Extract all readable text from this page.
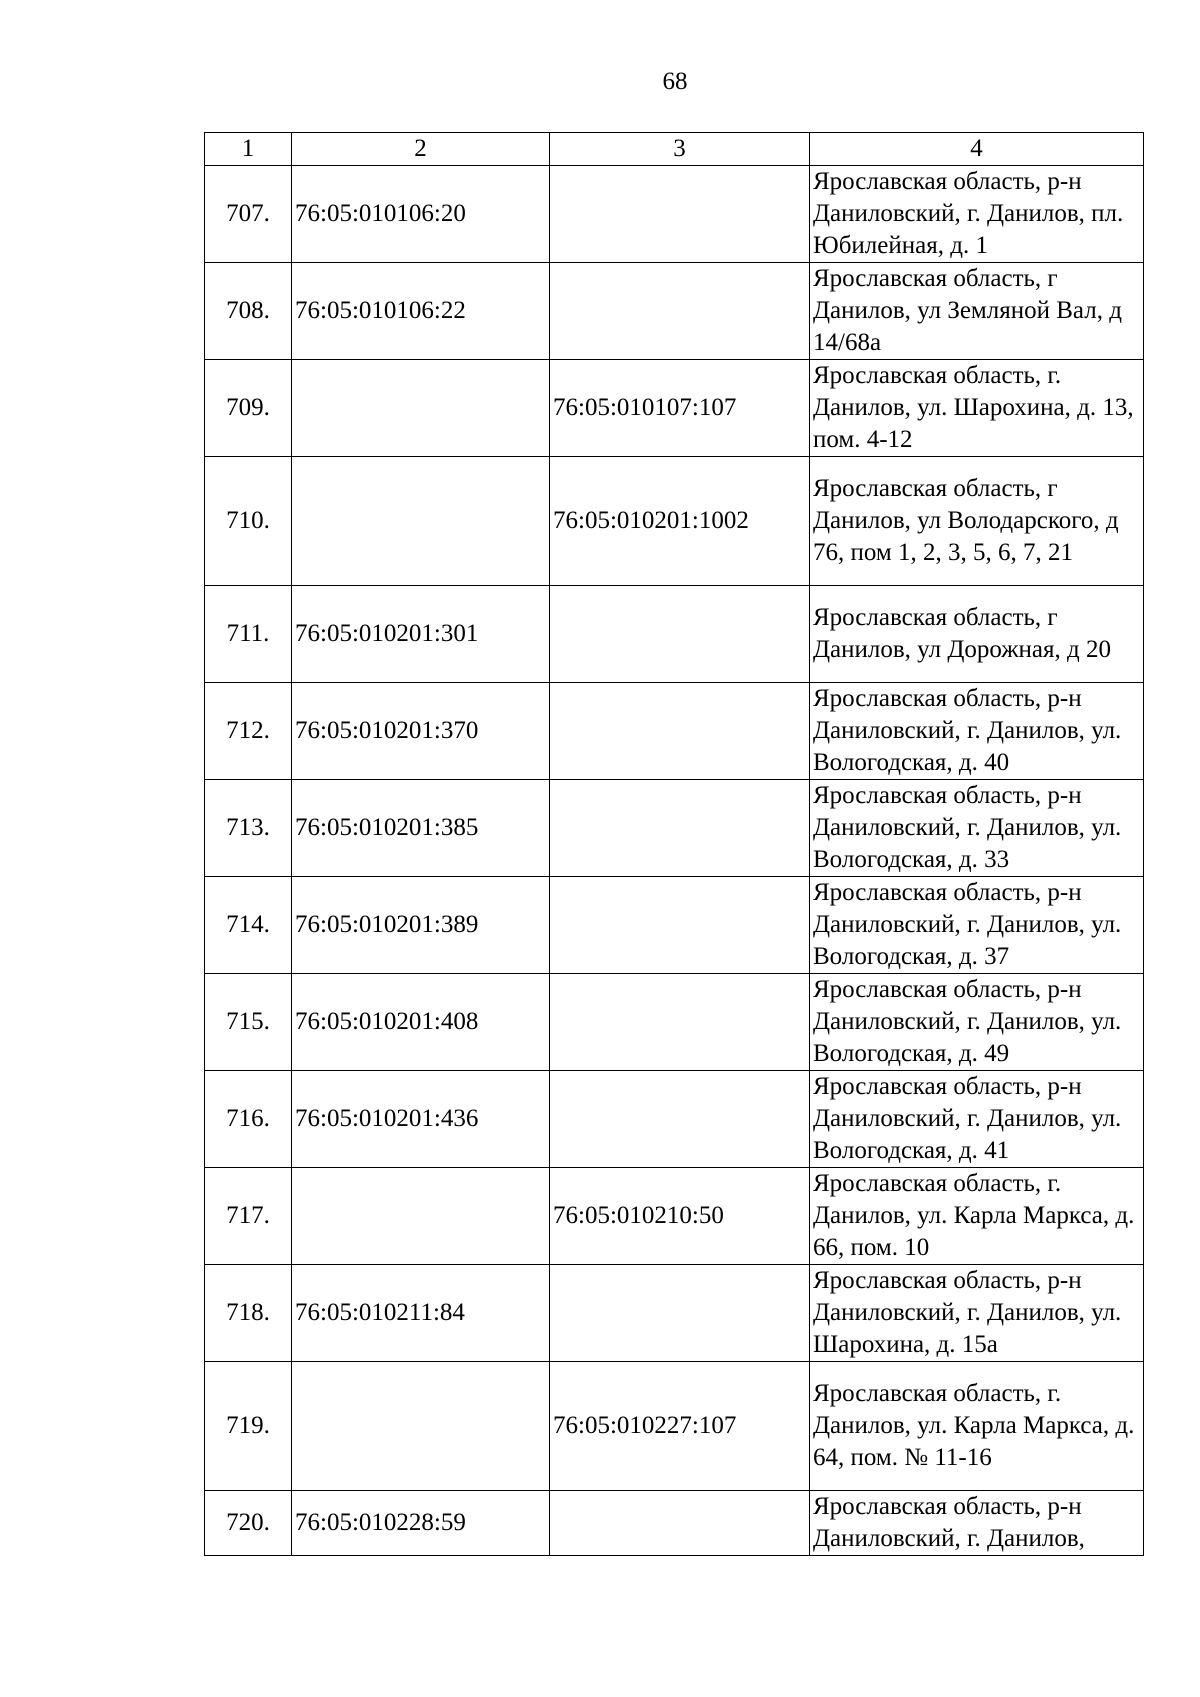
68
1	2	3	4
707.	76:05:010106:20		Ярославская область, р-н Даниловский, г. Данилов, пл. Юбилейная, д. 1
708.	76:05:010106:22		Ярославская область, г Данилов, ул Земляной Вал, д 14/68а
709.		76:05:010107:107	Ярославская область, г. Данилов, ул. Шарохина, д. 13, пом. 4-12
710.		76:05:010201:1002	Ярославская область, г Данилов, ул Володарского, д 76, пом 1, 2, 3, 5, 6, 7, 21
711.	76:05:010201:301		Ярославская область, г Данилов, ул Дорожная, д 20
712.	76:05:010201:370		Ярославская область, р-н Даниловский, г. Данилов, ул. Вологодская, д. 40
713.	76:05:010201:385		Ярославская область, р-н Даниловский, г. Данилов, ул. Вологодская, д. 33
714.	76:05:010201:389		Ярославская область, р-н Даниловский, г. Данилов, ул. Вологодская, д. 37
715.	76:05:010201:408		Ярославская область, р-н Даниловский, г. Данилов, ул. Вологодская, д. 49
716.	76:05:010201:436		Ярославская область, р-н Даниловский, г. Данилов, ул. Вологодская, д. 41
717.		76:05:010210:50	Ярославская область, г. Данилов, ул. Карла Маркса, д. 66, пом. 10
718.	76:05:010211:84		Ярославская область, р-н Даниловский, г. Данилов, ул. Шарохина, д. 15а
719.		76:05:010227:107	Ярославская область, г. Данилов, ул. Карла Маркса, д. 64, пом. № 11-16
720.	76:05:010228:59		Ярославская область, р-н Даниловский, г. Данилов,
